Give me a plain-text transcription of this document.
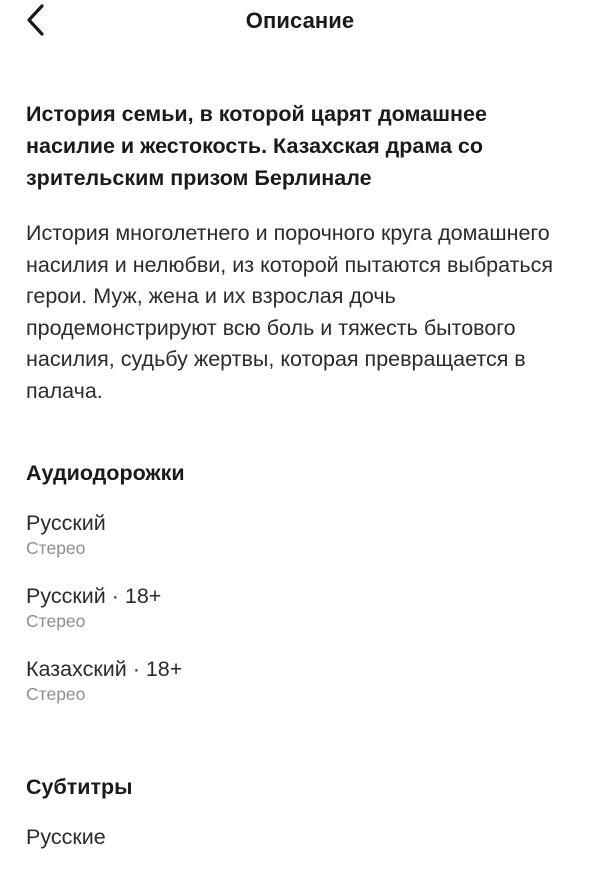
Описание

История семьи, в которой царят домашнее насилие и жестокость. Казахская драма со зрительским призом Берлинале

История многолетнего и порочного круга домашнего насилия и нелюбви, из которой пытаются выбраться герои. Муж, жена и их взрослая дочь продемонстрируют всю боль и тяжесть бытового насилия, судьбу жертвы, которая превращается в палача.

Аудиодорожки
Русский
Стерео
Русский · 18+
Стерео
Казахский · 18+
Стерео
Субтитры
Русские
